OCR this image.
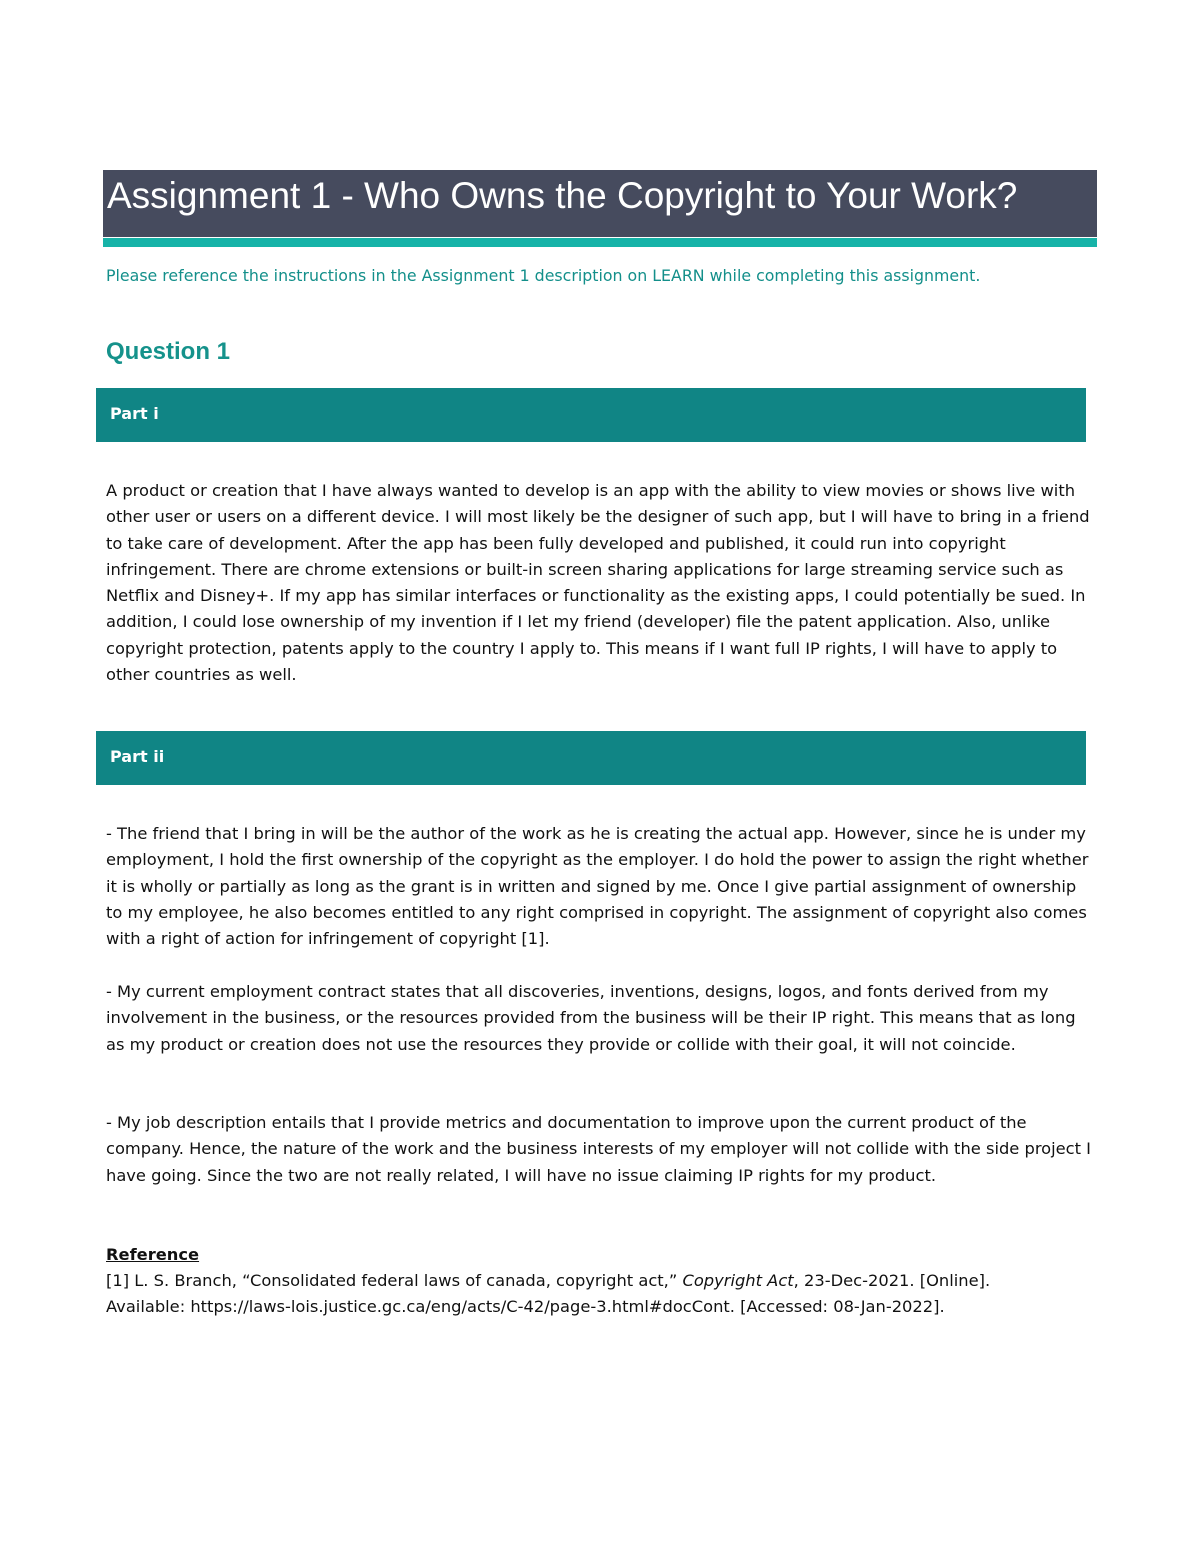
Assignment 1 - Who Owns the Copyright to Your Work?
Please reference the instructions in the Assignment 1 description on LEARN while completing this assignment.
Question 1
Part i

A product or creation that I have always wanted to develop is an app with the ability to view movies or shows live with other user or users on a different device. I will most likely be the designer of such app, but I will have to bring in a friend to take care of development. After the app has been fully developed and published, it could run into copyright infringement. There are chrome extensions or built-in screen sharing applications for large streaming service such as Netflix and Disney+. If my app has similar interfaces or functionality as the existing apps, I could potentially be sued. In addition, I could lose ownership of my invention if I let my friend (developer) file the patent application. Also, unlike copyright protection, patents apply to the country I apply to. This means if I want full IP rights, I will have to apply to other countries as well.

Part ii

- The friend that I bring in will be the author of the work as he is creating the actual app. However, since he is under my employment, I hold the first ownership of the copyright as the employer. I do hold the power to assign the right whether it is wholly or partially as long as the grant is in written and signed by me. Once I give partial assignment of ownership to my employee, he also becomes entitled to any right comprised in copyright. The assignment of copyright also comes with a right of action for infringement of copyright [1].

- My current employment contract states that all discoveries, inventions, designs, logos, and fonts derived from my involvement in the business, or the resources provided from the business will be their IP right. This means that as long as my product or creation does not use the resources they provide or collide with their goal, it will not coincide.

- My job description entails that I provide metrics and documentation to improve upon the current product of the company. Hence, the nature of the work and the business interests of my employer will not collide with the side project I have going. Since the two are not really related, I will have no issue claiming IP rights for my product.

Reference

[1] L. S. Branch, “Consolidated federal laws of canada, copyright act,” Copyright Act, 23-Dec-2021. [Online].

Available: https://laws-lois.justice.gc.ca/eng/acts/C-42/page-3.html#docCont. [Accessed: 08-Jan-2022].
